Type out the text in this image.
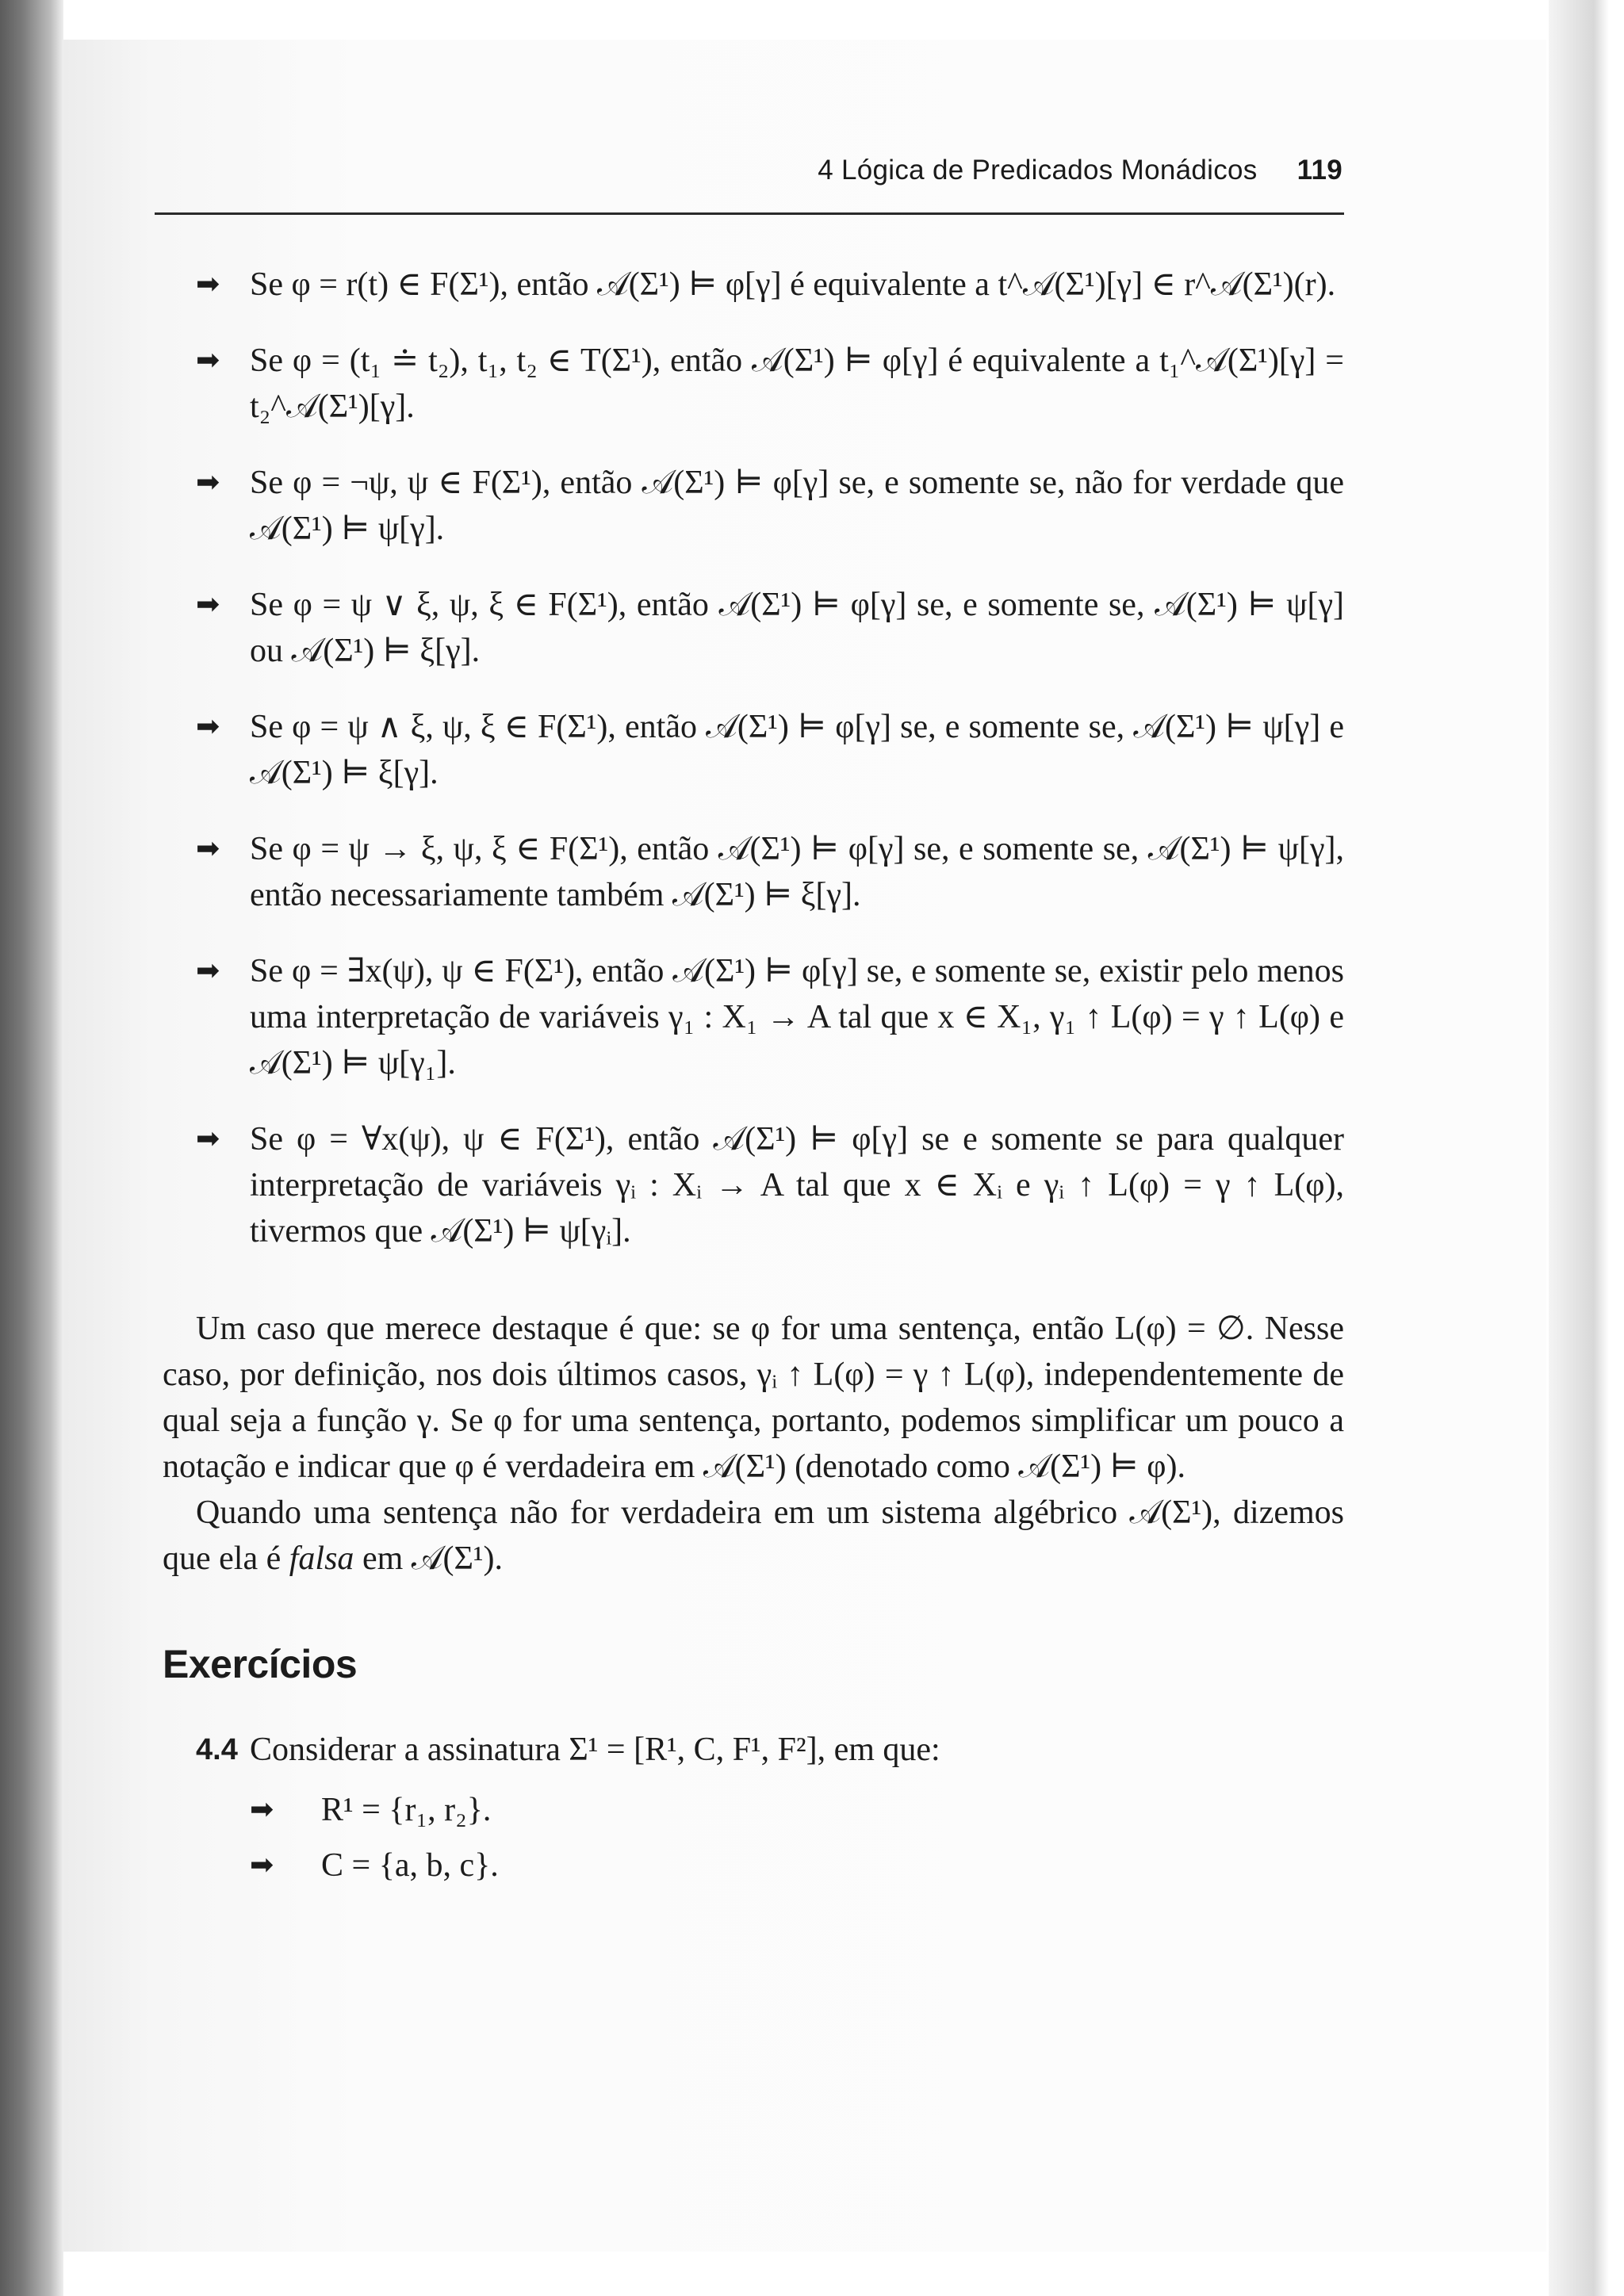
4 Lógica de Predicados Monádicos 119
➡ Se φ = r(t) ∈ F(Σ¹), então 𝒜(Σ¹) ⊨ φ[γ] é equivalente a t^𝒜(Σ¹)[γ] ∈ r^𝒜(Σ¹)(r).
➡ Se φ = (t₁ ≐ t₂), t₁, t₂ ∈ T(Σ¹), então 𝒜(Σ¹) ⊨ φ[γ] é equivalente a t₁^𝒜(Σ¹)[γ] = t₂^𝒜(Σ¹)[γ].
➡ Se φ = ¬ψ, ψ ∈ F(Σ¹), então 𝒜(Σ¹) ⊨ φ[γ] se, e somente se, não for verdade que 𝒜(Σ¹) ⊨ ψ[γ].
➡ Se φ = ψ ∨ ξ, ψ, ξ ∈ F(Σ¹), então 𝒜(Σ¹) ⊨ φ[γ] se, e somente se, 𝒜(Σ¹) ⊨ ψ[γ] ou 𝒜(Σ¹) ⊨ ξ[γ].
➡ Se φ = ψ ∧ ξ, ψ, ξ ∈ F(Σ¹), então 𝒜(Σ¹) ⊨ φ[γ] se, e somente se, 𝒜(Σ¹) ⊨ ψ[γ] e 𝒜(Σ¹) ⊨ ξ[γ].
➡ Se φ = ψ → ξ, ψ, ξ ∈ F(Σ¹), então 𝒜(Σ¹) ⊨ φ[γ] se, e somente se, 𝒜(Σ¹) ⊨ ψ[γ], então necessariamente também 𝒜(Σ¹) ⊨ ξ[γ].
➡ Se φ = ∃x(ψ), ψ ∈ F(Σ¹), então 𝒜(Σ¹) ⊨ φ[γ] se, e somente se, existir pelo menos uma interpretação de variáveis γ₁ : X₁ → A tal que x ∈ X₁, γ₁ ↑ L(φ) = γ ↑ L(φ) e 𝒜(Σ¹) ⊨ ψ[γ₁].
➡ Se φ = ∀x(ψ), ψ ∈ F(Σ¹), então 𝒜(Σ¹) ⊨ φ[γ] se e somente se para qualquer interpretação de variáveis γᵢ : Xᵢ → A tal que x ∈ Xᵢ e γᵢ ↑ L(φ) = γ ↑ L(φ), tivermos que 𝒜(Σ¹) ⊨ ψ[γᵢ].

Um caso que merece destaque é que: se φ for uma sentença, então L(φ) = ∅. Nesse caso, por definição, nos dois últimos casos, γᵢ ↑ L(φ) = γ ↑ L(φ), independentemente de qual seja a função γ. Se φ for uma sentença, portanto, podemos simplificar um pouco a notação e indicar que φ é verdadeira em 𝒜(Σ¹) (denotado como 𝒜(Σ¹) ⊨ φ).

Quando uma sentença não for verdadeira em um sistema algébrico 𝒜(Σ¹), dizemos que ela é falsa em 𝒜(Σ¹).

Exercícios
4.4 Considerar a assinatura Σ¹ = [R¹, C, F¹, F²], em que:
➡ R¹ = {r₁, r₂}.
➡ C = {a, b, c}.
